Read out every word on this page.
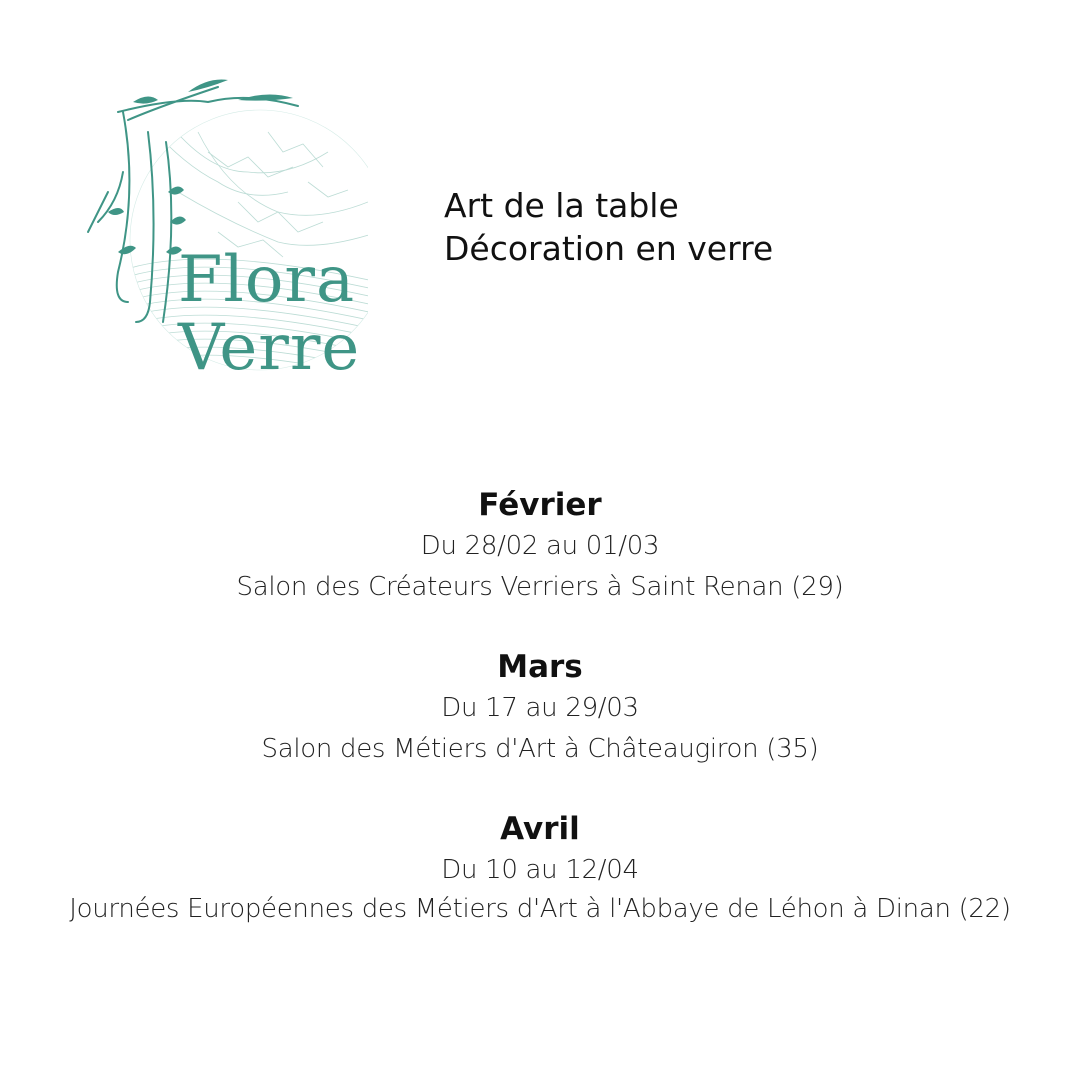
Flora
Verre
Art de la table
Décoration en verre
Février
Du 28/02 au 01/03
Salon des Créateurs Verriers à Saint Renan (29)
Mars
Du 17 au 29/03
Salon des Métiers d'Art à Châteaugiron (35)
Avril
Du 10 au 12/04
Journées Européennes des Métiers d'Art à l'Abbaye de Léhon à Dinan (22)
